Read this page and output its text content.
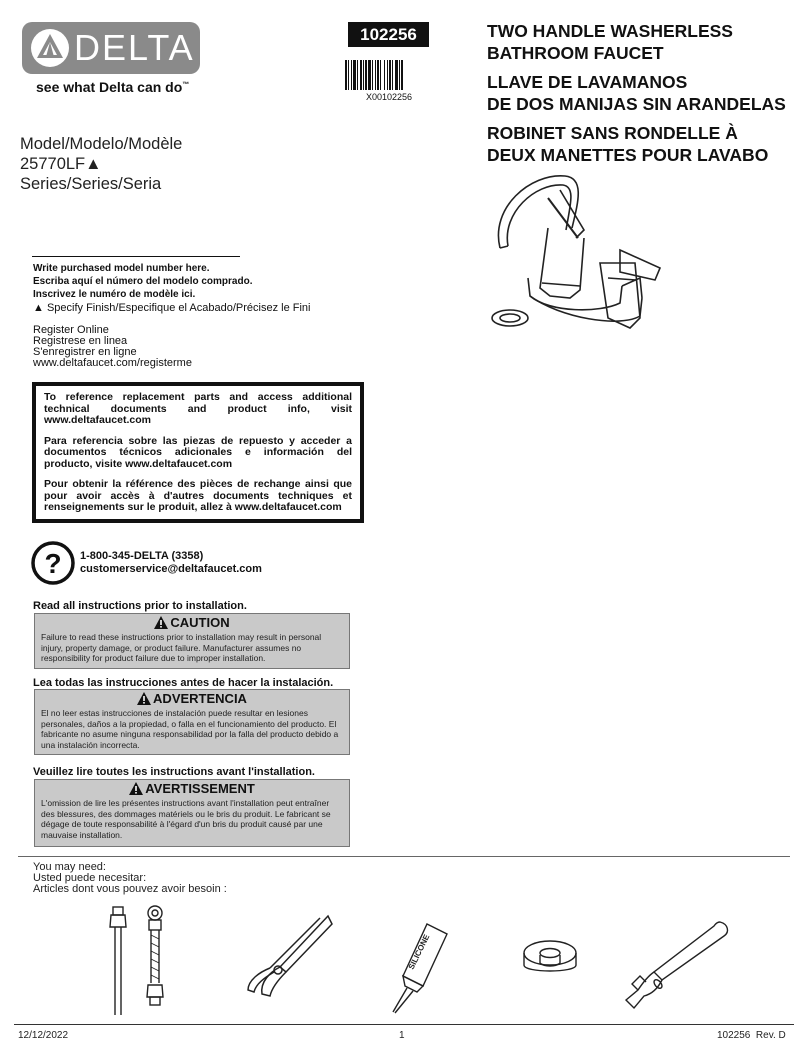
DELTA
see what Delta can do™
102256
X00102256
TWO HANDLE WASHERLESS
BATHROOM FAUCET
LLAVE DE LAVAMANOS
DE DOS MANIJAS SIN ARANDELAS
ROBINET SANS RONDELLE À
DEUX MANETTES POUR LAVABO
Model/Modelo/Modèle
25770LF▲
Series/Series/Seria
Write purchased model number here.
Escriba aquí el número del modelo comprado.
Inscrivez le numéro de modèle ici.
▲ Specify Finish/Especifique el Acabado/Précisez le Fini
Register Online
Registrese en linea
S'enregistrer en ligne
www.deltafaucet.com/registerme

To reference replacement parts and access additional technical documents and product info, visit www.deltafaucet.com

Para referencia sobre las piezas de repuesto y acceder a documentos técnicos adicionales e información del producto, visite www.deltafaucet.com

Pour obtenir la référence des pièces de rechange ainsi que pour avoir accès à d'autres documents techniques et renseignements sur le produit, allez à www.deltafaucet.com

? 1-800-345-DELTA (3358)
customerservice@deltafaucet.com
Read all instructions prior to installation.
CAUTION
Failure to read these instructions prior to installation may result in personal injury, property damage, or product failure. Manufacturer assumes no responsibility for product failure due to improper installation.
Lea todas las instrucciones antes de hacer la instalación.
ADVERTENCIA
El no leer estas instrucciones de instalación puede resultar en lesiones personales, daños a la propiedad, o falla en el funcionamiento del producto. El fabricante no asume ninguna responsabilidad por la falla del producto debido a una instalación incorrecta.
Veuillez lire toutes les instructions avant l'installation.
AVERTISSEMENT
L'omission de lire les présentes instructions avant l'installation peut entraîner des blessures, des dommages matériels ou le bris du produit. Le fabricant se dégage de toute responsabilité à l'égard d'un bris du produit causé par une mauvaise installation.
You may need:
Usted puede necesitar:
Articles dont vous pouvez avoir besoin :
SILICONE
12/12/2022	1	102256  Rev. D
